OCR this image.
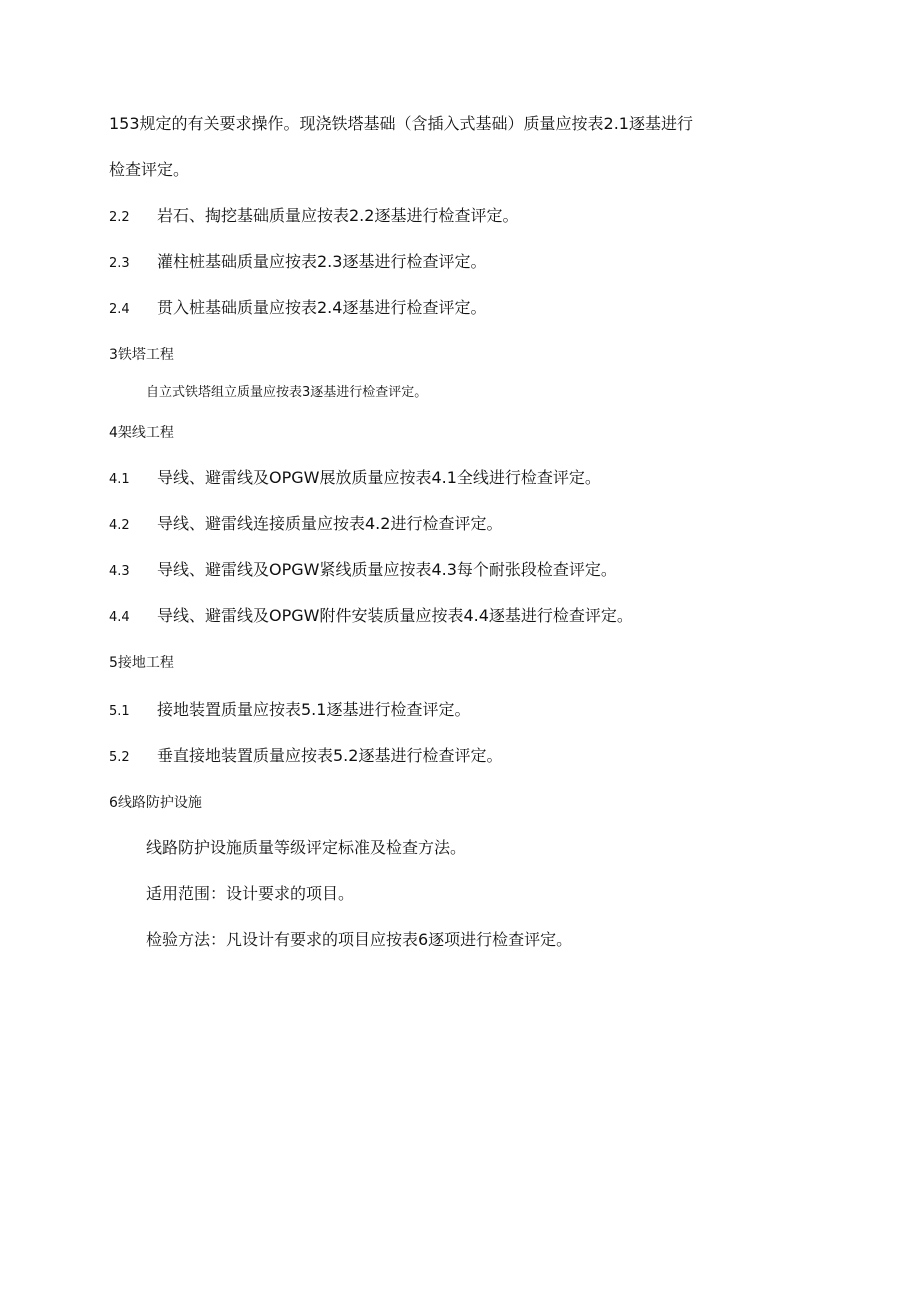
153规定的有关要求操作。现浇铁塔基础（含插入式基础）质量应按表2.1逐基进行
检查评定。
2.2 岩石、掏挖基础质量应按表2.2逐基进行检查评定。
2.3 灌柱桩基础质量应按表2.3逐基进行检查评定。
2.4 贯入桩基础质量应按表2.4逐基进行检查评定。
3铁塔工程
自立式铁塔组立质量应按表3逐基进行检查评定。
4架线工程
4.1 导线、避雷线及OPGW展放质量应按表4.1全线进行检查评定。
4.2 导线、避雷线连接质量应按表4.2进行检查评定。
4.3 导线、避雷线及OPGW紧线质量应按表4.3每个耐张段检查评定。
4.4 导线、避雷线及OPGW附件安装质量应按表4.4逐基进行检查评定。
5接地工程
5.1 接地装置质量应按表5.1逐基进行检查评定。
5.2 垂直接地装置质量应按表5.2逐基进行检查评定。
6线路防护设施
线路防护设施质量等级评定标准及检查方法。
适用范围：设计要求的项目。
检验方法：凡设计有要求的项目应按表6逐项进行检查评定。
